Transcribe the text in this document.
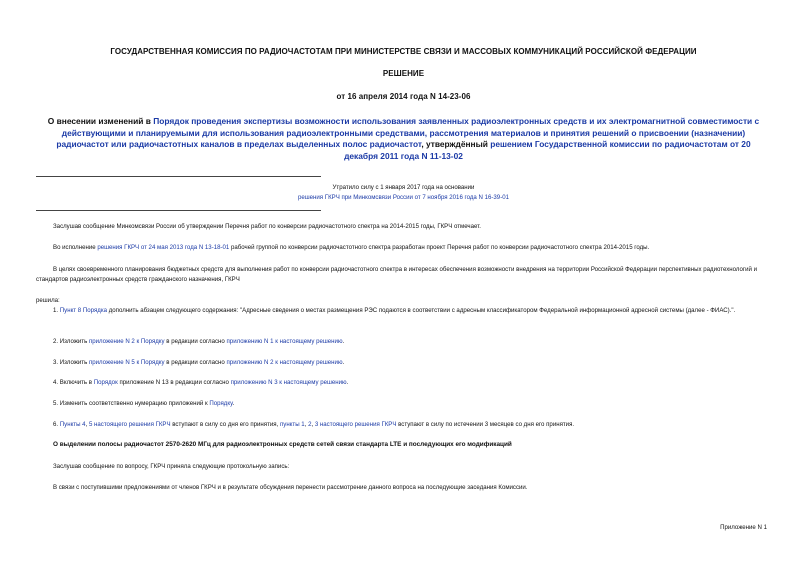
ГОСУДАРСТВЕННАЯ КОМИССИЯ ПО РАДИОЧАСТОТАМ ПРИ МИНИСТЕРСТВЕ СВЯЗИ И МАССОВЫХ КОММУНИКАЦИЙ РОССИЙСКОЙ ФЕДЕРАЦИИ
РЕШЕНИЕ
от 16 апреля 2014 года N 14-23-06
О внесении изменений в Порядок проведения экспертизы возможности использования заявленных радиоэлектронных средств и их электромагнитной совместимости с действующими и планируемыми для использования радиоэлектронными средствами, рассмотрения материалов и принятия решений о присвоении (назначении) радиочастот или радиочастотных каналов в пределах выделенных полос радиочастот, утверждённый решением Государственной комиссии по радиочастотам от 20 декабря 2011 года N 11-13-02
Утратило силу с 1 января 2017 года на основании
решения ГКРЧ при Минкомсвязи России от 7 ноября 2016 года N 16-39-01
Заслушав сообщение Минкомсвязи России об утверждении Перечня работ по конверсии радиочастотного спектра на 2014-2015 годы, ГКРЧ отмечает.
Во исполнение решения ГКРЧ от 24 мая 2013 года N 13-18-01 рабочей группой по конверсии радиочастотного спектра разработан проект Перечня работ по конверсии радиочастотного спектра 2014-2015 годы.
В целях своевременного планирования бюджетных средств для выполнения работ по конверсии радиочастотного спектра в интересах обеспечения возможности внедрения на территории Российской Федерации перспективных радиотехнологий и стандартов радиоэлектронных средств гражданского назначения, ГКРЧ
решила:
1. Пункт 8 Порядка дополнить абзацем следующего содержания: "Адресные сведения о местах размещения РЭС подаются в соответствии с адресным классификатором Федеральной информационной адресной системы (далее - ФИАС).".
2. Изложить приложение N 2 к Порядку в редакции согласно приложению N 1 к настоящему решению.
3. Изложить приложение N 5 к Порядку в редакции согласно приложению N 2 к настоящему решению.
4. Включить в Порядок приложение N 13 в редакции согласно приложению N 3 к настоящему решению.
5. Изменить соответственно нумерацию приложений к Порядку.
6. Пункты 4, 5 настоящего решения ГКРЧ вступают в силу со дня его принятия, пункты 1, 2, 3 настоящего решения ГКРЧ вступают в силу по истечении 3 месяцев со дня его принятия.
О выделении полосы радиочастот 2570-2620 МГц для радиоэлектронных средств сетей связи стандарта LTE и последующих его модификаций
Заслушав сообщение по вопросу, ГКРЧ приняла следующие протокольную запись:
В связи с поступившими предложениями от членов ГКРЧ и в результате обсуждения перенести рассмотрение данного вопроса на последующие заседания Комиссии.
Приложение N 1
